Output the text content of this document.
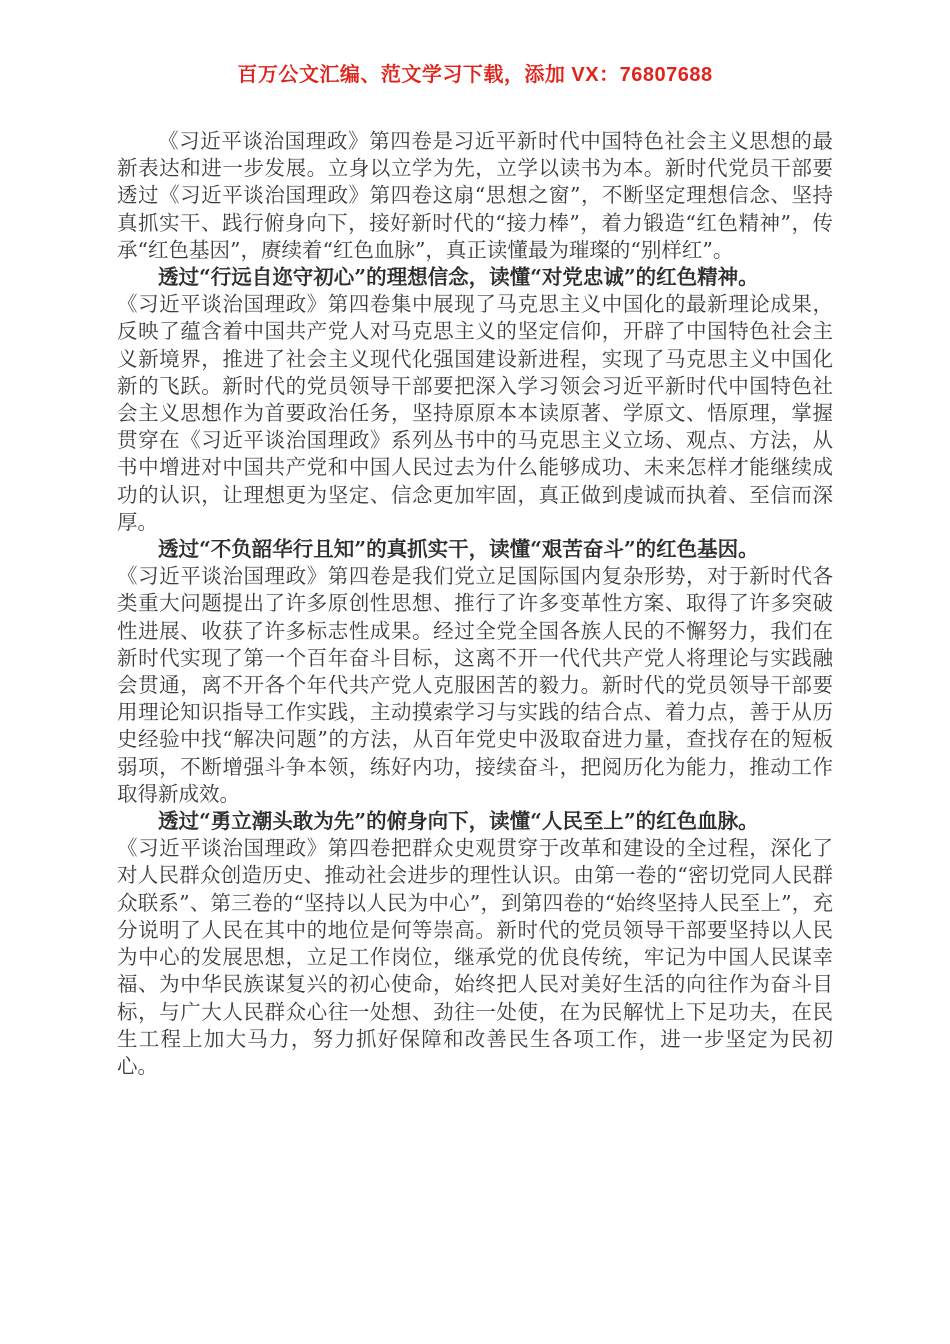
百万公文汇编、范文学习下载，添加 VX：76807688

《习近平谈治国理政》第四卷是习近平新时代中国特色社会主义思想的最新表达和进一步发展。立身以立学为先，立学以读书为本。新时代党员干部要透过《习近平谈治国理政》第四卷这扇“思想之窗”，不断坚定理想信念、坚持真抓实干、践行俯身向下，接好新时代的“接力棒”，着力锻造“红色精神”，传承“红色基因”，赓续着“红色血脉”，真正读懂最为璀璨的“别样红”。

透过“行远自迩守初心”的理想信念，读懂“对党忠诚”的红色精神。

《习近平谈治国理政》第四卷集中展现了马克思主义中国化的最新理论成果，反映了蕴含着中国共产党人对马克思主义的坚定信仰，开辟了中国特色社会主义新境界，推进了社会主义现代化强国建设新进程，实现了马克思主义中国化新的飞跃。新时代的党员领导干部要把深入学习领会习近平新时代中国特色社会主义思想作为首要政治任务，坚持原原本本读原著、学原文、悟原理，掌握贯穿在《习近平谈治国理政》系列丛书中的马克思主义立场、观点、方法，从书中增进对中国共产党和中国人民过去为什么能够成功、未来怎样才能继续成功的认识，让理想更为坚定、信念更加牢固，真正做到虔诚而执着、至信而深厚。

透过“不负韶华行且知”的真抓实干，读懂“艰苦奋斗”的红色基因。

《习近平谈治国理政》第四卷是我们党立足国际国内复杂形势，对于新时代各类重大问题提出了许多原创性思想、推行了许多变革性方案、取得了许多突破性进展、收获了许多标志性成果。经过全党全国各族人民的不懈努力，我们在新时代实现了第一个百年奋斗目标，这离不开一代代共产党人将理论与实践融会贯通，离不开各个年代共产党人克服困苦的毅力。新时代的党员领导干部要用理论知识指导工作实践，主动摸索学习与实践的结合点、着力点，善于从历史经验中找“解决问题”的方法，从百年党史中汲取奋进力量，查找存在的短板弱项，不断增强斗争本领，练好内功，接续奋斗，把阅历化为能力，推动工作取得新成效。

透过“勇立潮头敢为先”的俯身向下，读懂“人民至上”的红色血脉。

《习近平谈治国理政》第四卷把群众史观贯穿于改革和建设的全过程，深化了对人民群众创造历史、推动社会进步的理性认识。由第一卷的“密切党同人民群众联系”、第三卷的“坚持以人民为中心”，到第四卷的“始终坚持人民至上”，充分说明了人民在其中的地位是何等崇高。新时代的党员领导干部要坚持以人民为中心的发展思想，立足工作岗位，继承党的优良传统，牢记为中国人民谋幸福、为中华民族谋复兴的初心使命，始终把人民对美好生活的向往作为奋斗目标，与广大人民群众心往一处想、劲往一处使，在为民解忧上下足功夫，在民生工程上加大马力，努力抓好保障和改善民生各项工作，进一步坚定为民初心。
